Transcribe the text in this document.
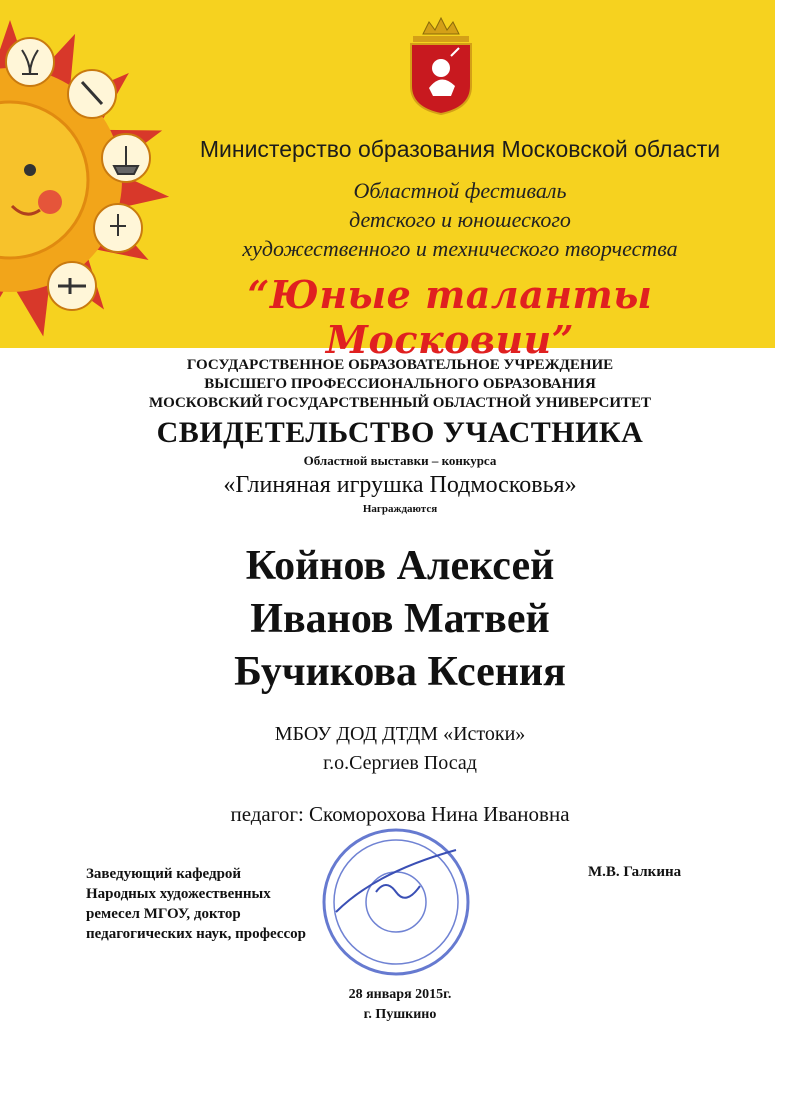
Министерство образования Московской области
Областной фестиваль
детского и юношеского
художественного и технического творчества
“Юные таланты Московии”
ГОСУДАРСТВЕННОЕ ОБРАЗОВАТЕЛЬНОЕ УЧРЕЖДЕНИЕ
ВЫСШЕГО ПРОФЕССИОНАЛЬНОГО ОБРАЗОВАНИЯ
МОСКОВСКИЙ ГОСУДАРСТВЕННЫЙ ОБЛАСТНОЙ УНИВЕРСИТЕТ
СВИДЕТЕЛЬСТВО УЧАСТНИКА
Областной выставки – конкурса
«Глиняная игрушка Подмосковья»
Награждаются
Койнов Алексей
Иванов Матвей
Бучикова Ксения
МБОУ ДОД ДТДМ «Истоки»
г.о.Сергиев Посад
педагог: Скоморохова Нина Ивановна
Заведующий кафедрой
Народных художественных
ремесел МГОУ, доктор
педагогических наук, профессор
М.В. Галкина
28 января 2015г.
г. Пушкино
